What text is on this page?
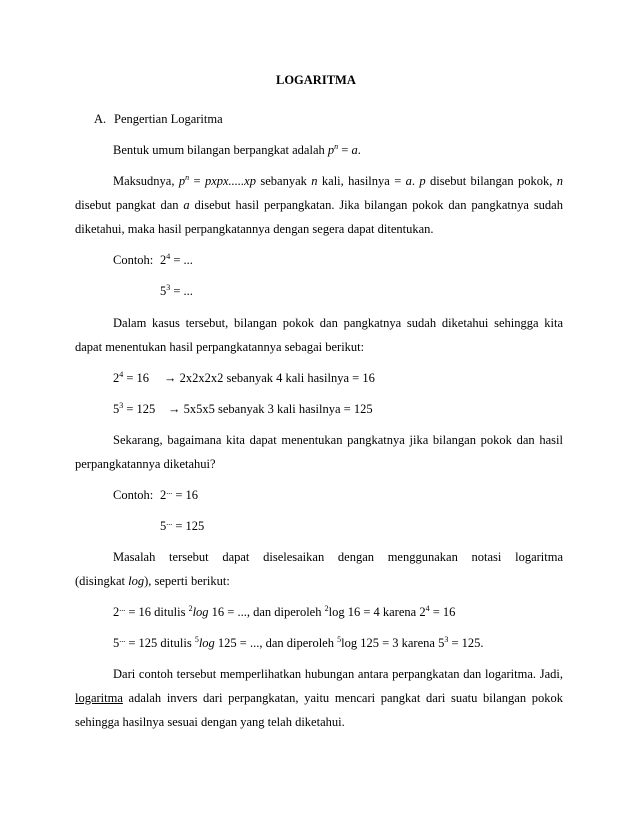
LOGARITMA
A. Pengertian Logaritma
Bentuk umum bilangan berpangkat adalah $p^n = a$.
Maksudnya, $p^n$ = pxpx.....xp sebanyak n kali, hasilnya = a. p disebut bilangan pokok, n
disebut pangkat dan a disebut hasil perpangkatan. Jika bilangan pokok dan pangkatnya sudah
diketahui, maka hasil perpangkatannya dengan segera dapat ditentukan.
Contoh: $2^4$ = ...
$5^3$ = ...
Dalam kasus tersebut, bilangan pokok dan pangkatnya sudah diketahui sehingga kita
dapat menentukan hasil perpangkatannya sebagai berikut:
$2^4 = 16 \to 2x2x2x2$ sebanyak 4 kali hasilnya = 16
$5^3 = 125 \to 5x5x5$ sebanyak 3 kali hasilnya = 125
Sekarang, bagaimana kita dapat menentukan pangkatnya jika bilangan pokok dan hasil
perpangkatannya diketahui?
Contoh: 2... = 16
5... = 125
Masalah tersebut dapat diselesaikan dengan menggunakan notasi logaritma
(disingkat log), seperti berikut:
2... = 16 ditulis $^2$log 16 = ..., dan diperoleh $^2$log 16 = 4 karena $2^4 = 16$
5... = 125 ditulis $^5$log 125 = ..., dan diperoleh $^5$log 125 = 3 karena $5^3 = 125$.
Dari contoh tersebut memperlihatkan hubungan antara perpangkatan dan logaritma. Jadi,
logaritma adalah invers dari perpangkatan, yaitu mencari pangkat dari suatu bilangan pokok
sehingga hasilnya sesuai dengan yang telah diketahui.
